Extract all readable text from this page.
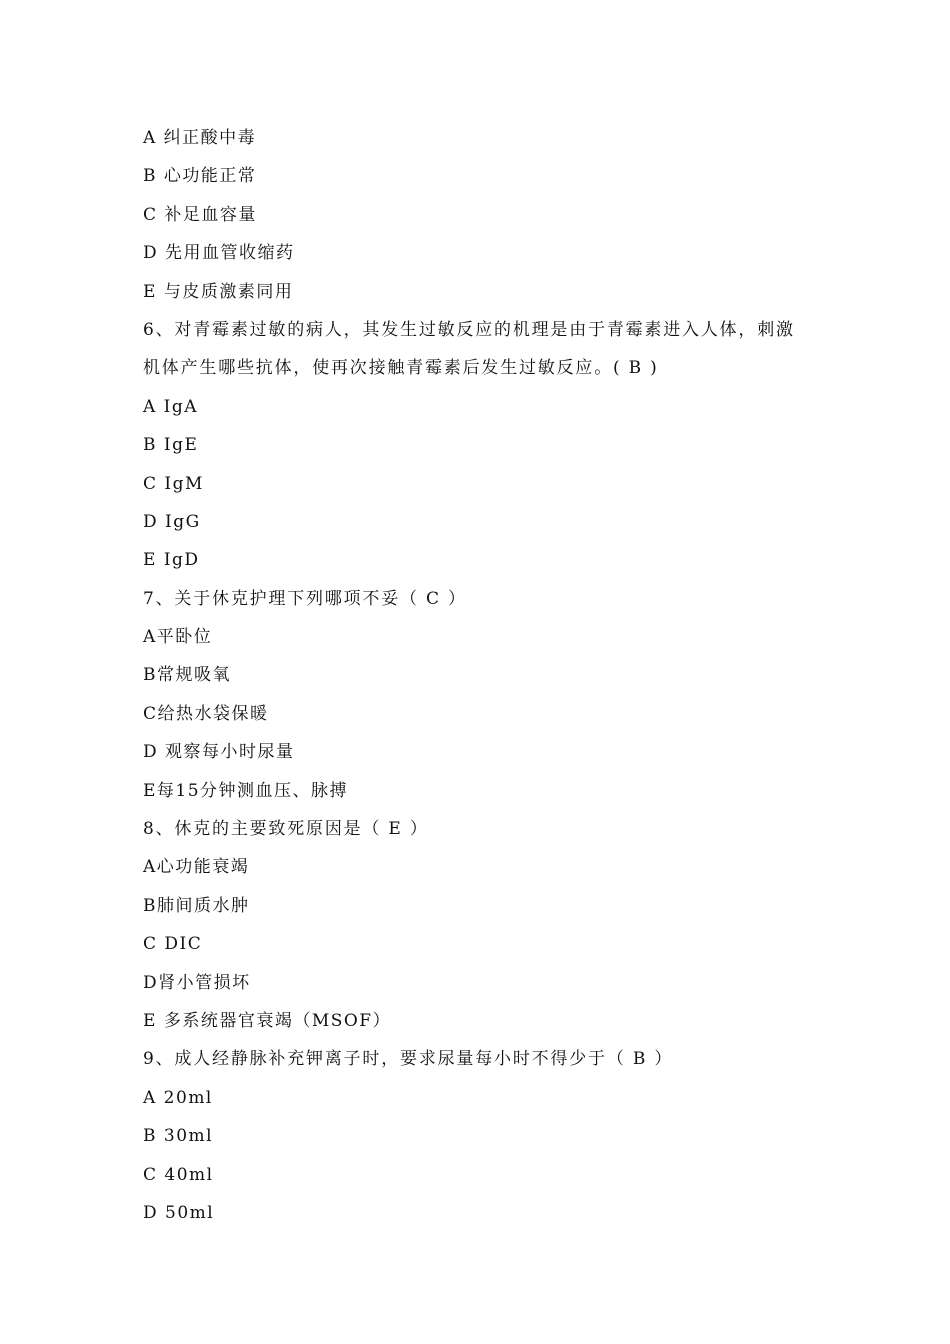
A 纠正酸中毒
B 心功能正常
C 补足血容量
D 先用血管收缩药
E 与皮质激素同用
6、对青霉素过敏的病人，其发生过敏反应的机理是由于青霉素进入人体，刺激
机体产生哪些抗体，使再次接触青霉素后发生过敏反应。( B )
A IgA
B IgE
C IgM
D IgG
E IgD
7、关于休克护理下列哪项不妥（ C ）
A平卧位
B常规吸氧
C给热水袋保暖
D 观察每小时尿量
E每15分钟测血压、脉搏
8、休克的主要致死原因是（ E ）
A心功能衰竭
B肺间质水肿
C DIC
D肾小管损坏
E 多系统器官衰竭（MSOF）
9、成人经静脉补充钾离子时，要求尿量每小时不得少于（ B ）
A 20ml
B 30ml
C 40ml
D 50ml
